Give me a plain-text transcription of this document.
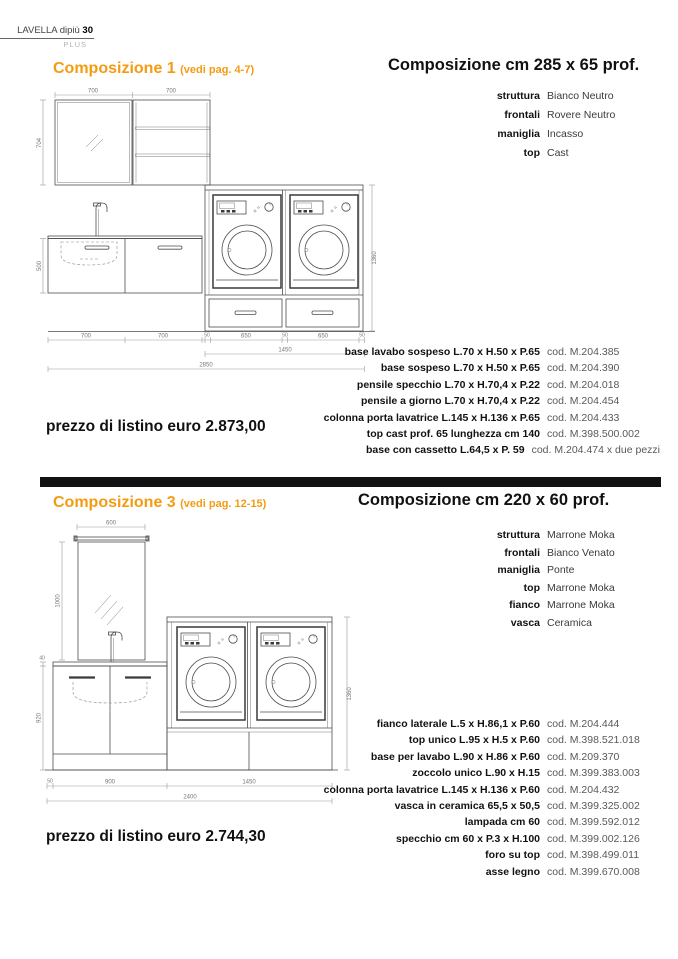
LAVELLA dipiù 30
PLUS
Composizione 1 (vedi pag. 4-7)	Composizione cm 285 x 65 prof.
struttura Bianco Neutro
frontali Rovere Neutro
maniglia Incasso
top Cast
700	700
704
500
1360
700	700	50	650	50	650	50
1450
2850
base lavabo sospeso L.70 x H.50 x P.65 cod. M.204.385
base sospeso L.70 x H.50 x P.65 cod. M.204.390
pensile specchio L.70 x H.70,4 x P.22 cod. M.204.018
pensile a giorno L.70 x H.70,4 x P.22 cod. M.204.454
colonna porta lavatrice L.145 x H.136 x P.65 cod. M.204.433
top cast prof. 65 lunghezza cm 140 cod. M.398.500.002
base con cassetto L.64,5 x P. 59 cod. M.204.474 x due pezzi
prezzo di listino euro 2.873,00
Composizione 3 (vedi pag. 12-15)	Composizione cm 220 x 60 prof.
struttura Marrone Moka
frontali Bianco Venato
maniglia Ponte
top Marrone Moka
fianco Marrone Moka
vasca Ceramica
600
1000
40
920
1360
50	900	1450
2400
fianco laterale L.5 x H.86,1 x P.60 cod. M.204.444
top unico L.95 x H.5 x P.60 cod. M.398.521.018
base per lavabo L.90 x H.86 x P.60 cod. M.209.370
zoccolo unico L.90 x H.15 cod. M.399.383.003
colonna porta lavatrice L.145 x H.136 x P.60 cod. M.204.432
vasca in ceramica 65,5 x 50,5 cod. M.399.325.002
lampada cm 60 cod. M.399.592.012
specchio cm 60 x P.3 x H.100 cod. M.399.002.126
foro su top cod. M.398.499.011
asse legno cod. M.399.670.008
prezzo di listino euro 2.744,30
